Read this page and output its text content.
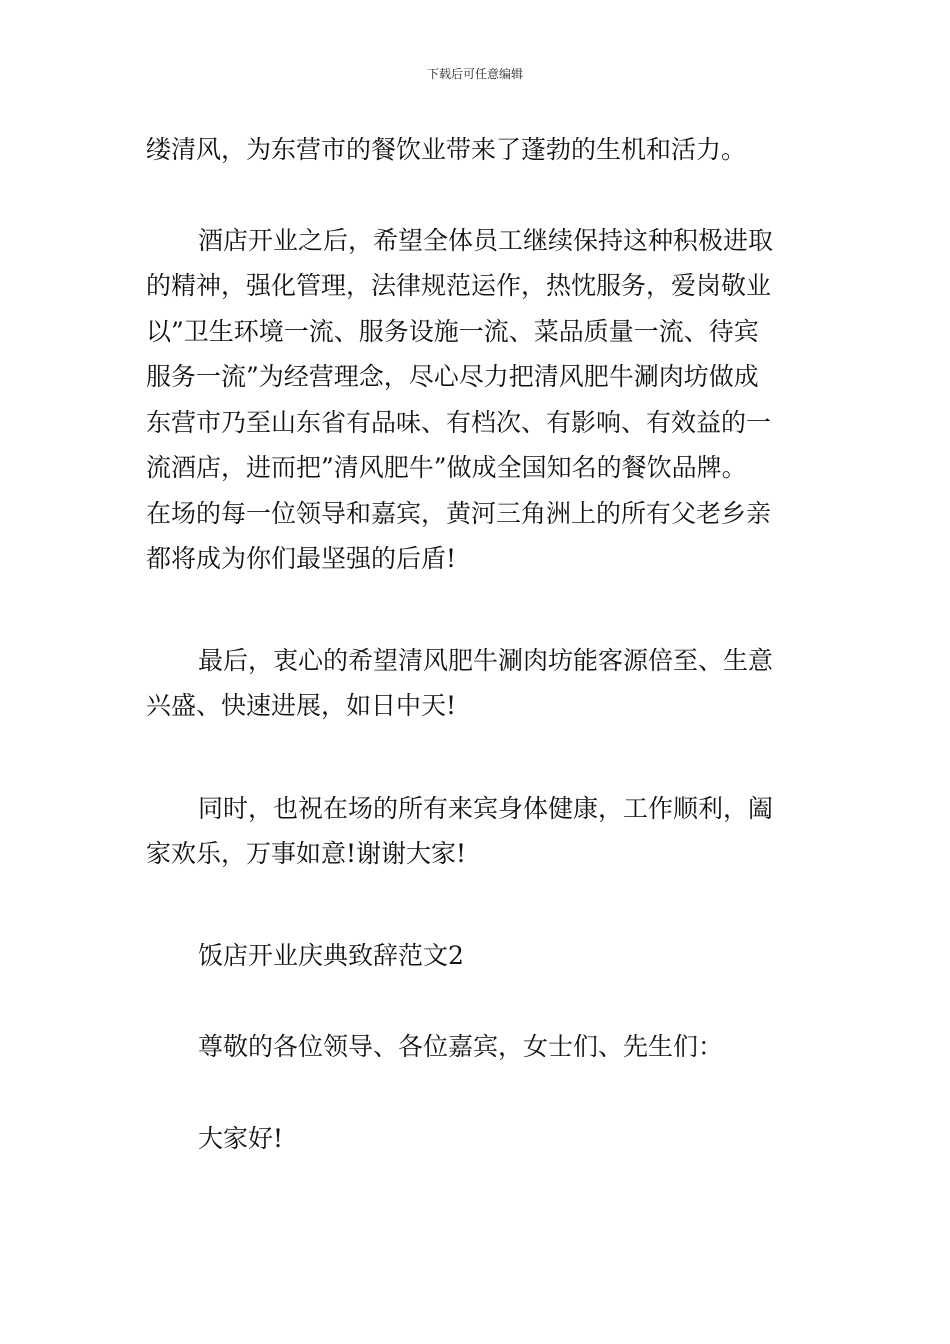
下载后可任意编辑

缕清风，为东营市的餐饮业带来了蓬勃的生机和活力。

酒店开业之后，希望全体员工继续保持这种积极进取
的精神，强化管理，法律规范运作，热忱服务，爱岗敬业
以”卫生环境一流、服务设施一流、菜品质量一流、待宾
服务一流”为经营理念，尽心尽力把清风肥牛涮肉坊做成
东营市乃至山东省有品味、有档次、有影响、有效益的一
流酒店，进而把”清风肥牛”做成全国知名的餐饮品牌。
在场的每一位领导和嘉宾，黄河三角洲上的所有父老乡亲
都将成为你们最坚强的后盾!

最后，衷心的希望清风肥牛涮肉坊能客源倍至、生意
兴盛、快速进展，如日中天!

同时，也祝在场的所有来宾身体健康，工作顺利，阖
家欢乐，万事如意!谢谢大家!

饭店开业庆典致辞范文2

尊敬的各位领导、各位嘉宾，女士们、先生们：

大家好!
